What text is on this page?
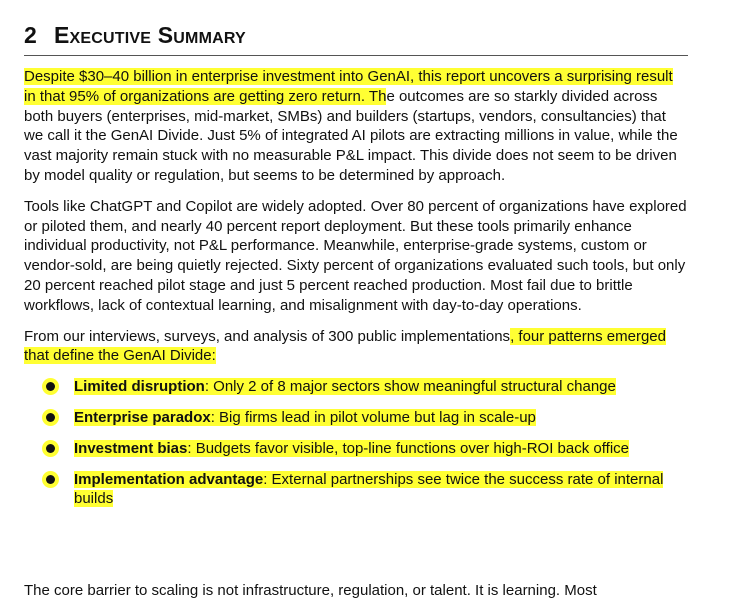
2 Executive Summary

Despite $30–40 billion in enterprise investment into GenAI, this report uncovers a surprising result in that 95% of organizations are getting zero return. The outcomes are so starkly divided across both buyers (enterprises, mid-market, SMBs) and builders (startups, vendors, consultancies) that we call it the GenAI Divide. Just 5% of integrated AI pilots are extracting millions in value, while the vast majority remain stuck with no measurable P&L impact. This divide does not seem to be driven by model quality or regulation, but seems to be determined by approach.

Tools like ChatGPT and Copilot are widely adopted. Over 80 percent of organizations have explored or piloted them, and nearly 40 percent report deployment. But these tools primarily enhance individual productivity, not P&L performance. Meanwhile, enterprise-grade systems, custom or vendor-sold, are being quietly rejected. Sixty percent of organizations evaluated such tools, but only 20 percent reached pilot stage and just 5 percent reached production. Most fail due to brittle workflows, lack of contextual learning, and misalignment with day-to-day operations.

From our interviews, surveys, and analysis of 300 public implementations, four patterns emerged that define the GenAI Divide:

Limited disruption: Only 2 of 8 major sectors show meaningful structural change
Enterprise paradox: Big firms lead in pilot volume but lag in scale-up
Investment bias: Budgets favor visible, top-line functions over high-ROI back office
Implementation advantage: External partnerships see twice the success rate of internal builds
The core barrier to scaling is not infrastructure, regulation, or talent. It is learning. Most
